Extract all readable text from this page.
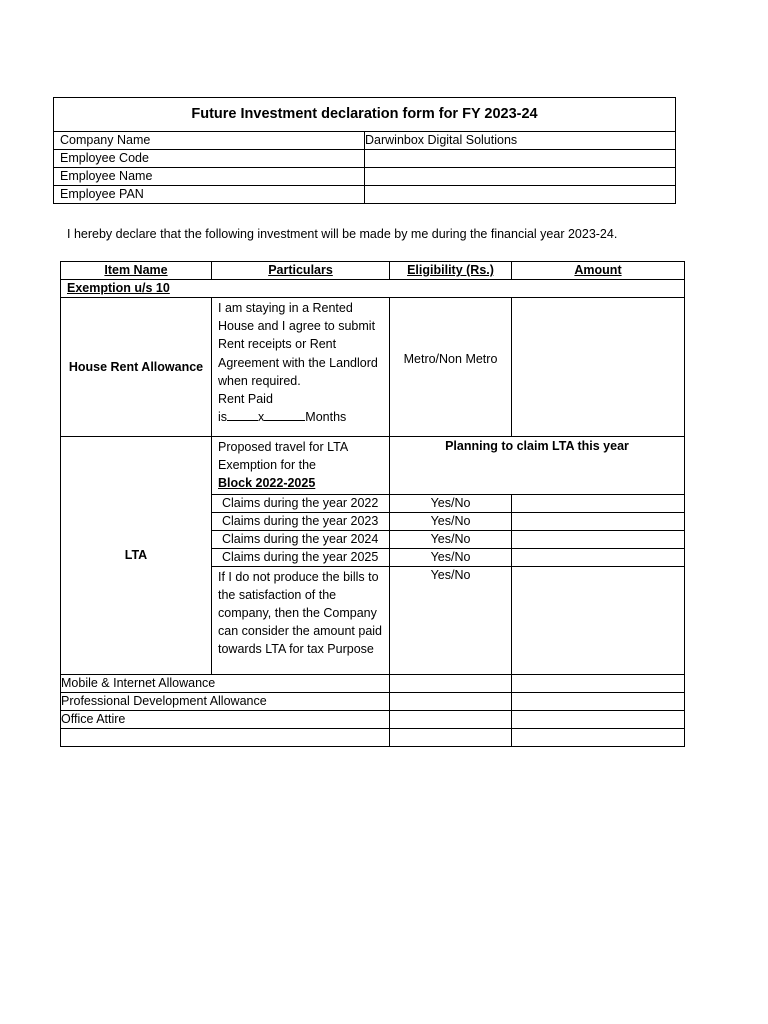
Future Investment declaration form for FY 2023-24	
Company Name	Darwinbox Digital Solutions
Employee Code	
Employee Name	
Employee PAN	
I hereby declare that the following investment will be made by me during the financial year 2023-24.
Item Name	Particulars	Eligibility (Rs.)	Amount
Exemption u/s 10			
House Rent Allowance	I am staying in a Rented House and I agree to submit Rent receipts or Rent Agreement with the Landlord when required.
Rent Paid
is x Months	Metro/Non Metro	
LTA	Proposed travel for LTA Exemption for the
Block 2022-2025	Planning to claim LTA this year	
	Claims during the year 2022	Yes/No	
	Claims during the year 2023	Yes/No	
	Claims during the year 2024	Yes/No	
	Claims during the year 2025	Yes/No	
	If I do not produce the bills to the satisfaction of the company, then the Company can consider the amount paid towards LTA for tax Purpose	Yes/No	
Mobile & Internet Allowance			
Professional Development Allowance			
Office Attire			
